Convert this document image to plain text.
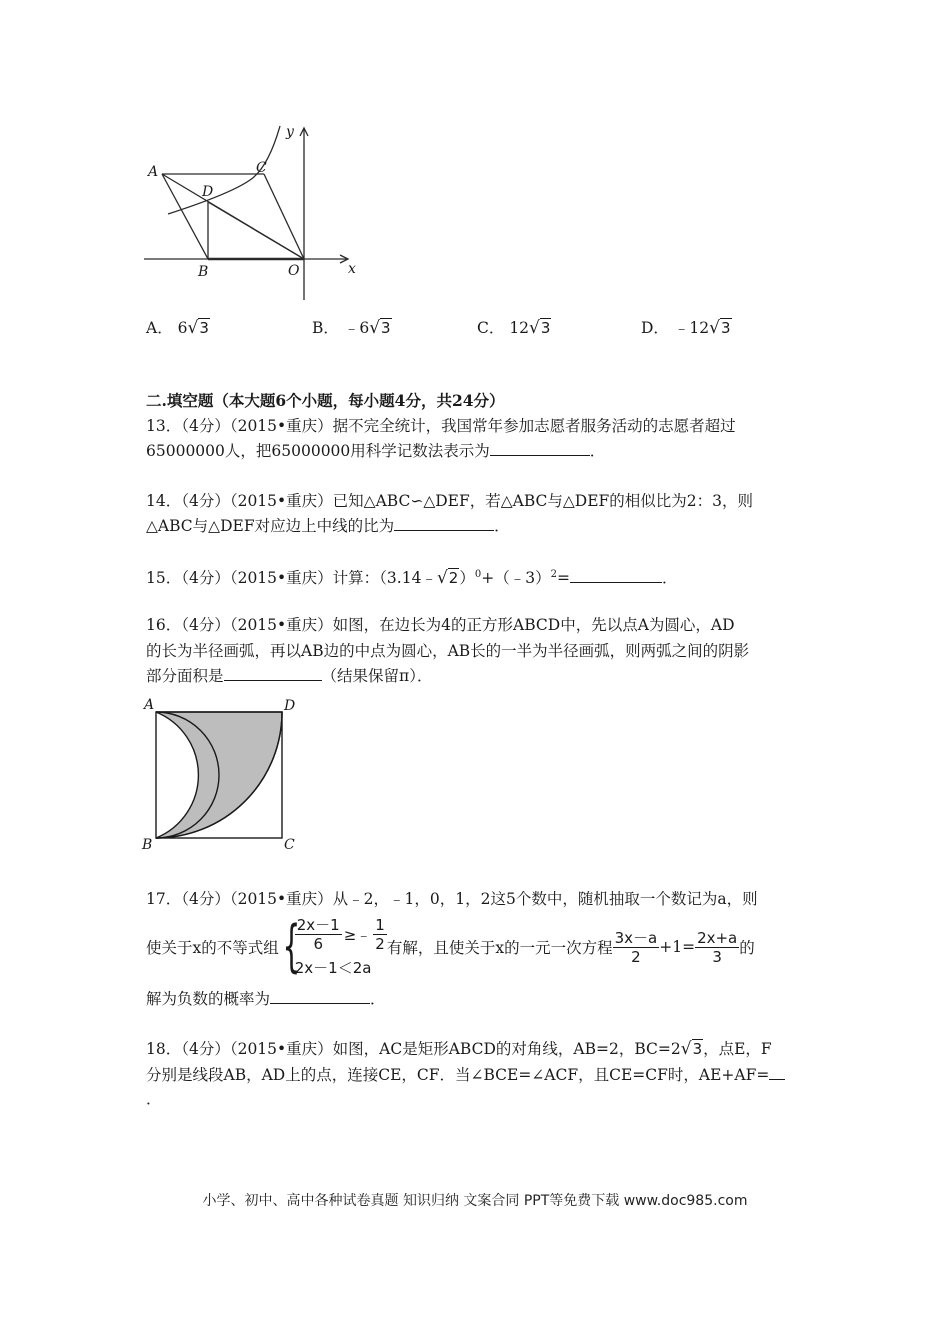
A	C
D
B	O	x
y
A． 6√3	B． ﹣6√3	C． 12√3	D． ﹣12√3
二.填空题（本大题6个小题，每小题4分，共24分）
13．（4分）（2015•重庆）据不完全统计，我国常年参加志愿者服务活动的志愿者超过
65000000人，把65000000用科学记数法表示为	．
14．（4分）（2015•重庆）已知△ABC∽△DEF，若△ABC与△DEF的相似比为2：3，则
△ABC与△DEF对应边上中线的比为	．
15．（4分）（2015•重庆）计算：（3.14﹣√2）$^0$+（﹣3）$^2$=	．
16．（4分）（2015•重庆）如图，在边长为4的正方形ABCD中，先以点A为圆心，AD
的长为半径画弧，再以AB边的中点为圆心，AB长的一半为半径画弧，则两弧之间的阴影
部分面积是	（结果保留π）．
A	D
B	C
17．（4分）（2015•重庆）从﹣2，﹣1，0，1，2这5个数中，随机抽取一个数记为a，则
使关于x的不等式组 {
$\frac{2x-1}{6}$ ≥﹣ $\frac{1}{2}$
2x－1＜2a
有解，且使关于x的一元一次方程 $\frac{3x-a}{2} +1= \frac{2x+a}{3}$ 的
解为负数的概率为	．
18．（4分）（2015•重庆）如图，AC是矩形ABCD的对角线，AB=2，BC=2√3，点E，F
分别是线段AB，AD上的点，连接CE，CF．当∠BCE=∠ACF，且CE=CF时，AE+AF=
．
小学、初中、高中各种试卷真题 知识归纳 文案合同 PPT等免费下载 www.doc985.com
